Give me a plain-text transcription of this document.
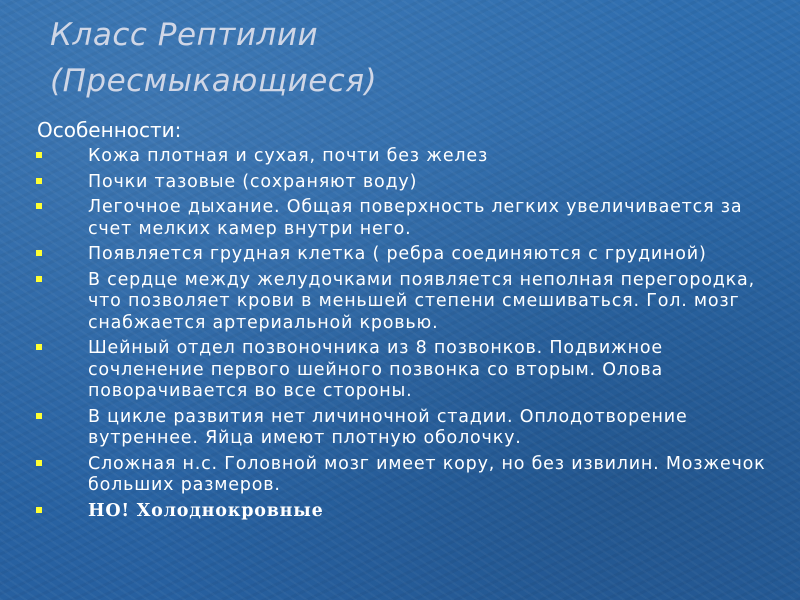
Класс Рептилии
(Пресмыкающиеся)
Особенности:
Кожа плотная и сухая, почти без желез
Почки тазовые (сохраняют воду)
Легочное дыхание. Общая поверхность легких увеличивается за счет мелких камер внутри него.
Появляется грудная клетка ( ребра соединяются с грудиной)
В сердце между желудочками появляется неполная перегородка, что позволяет крови в меньшей степени смешиваться. Гол. мозг снабжается артериальной кровью.
Шейный отдел позвоночника из 8 позвонков. Подвижное сочленение первого шейного позвонка со вторым. Олова поворачивается во все стороны.
В цикле развития нет личиночной стадии. Оплодотворение вутреннее. Яйца имеют плотную оболочку.
Сложная н.с. Головной мозг имеет кору, но без извилин. Мозжечок больших размеров.
НО! Холоднокровные
